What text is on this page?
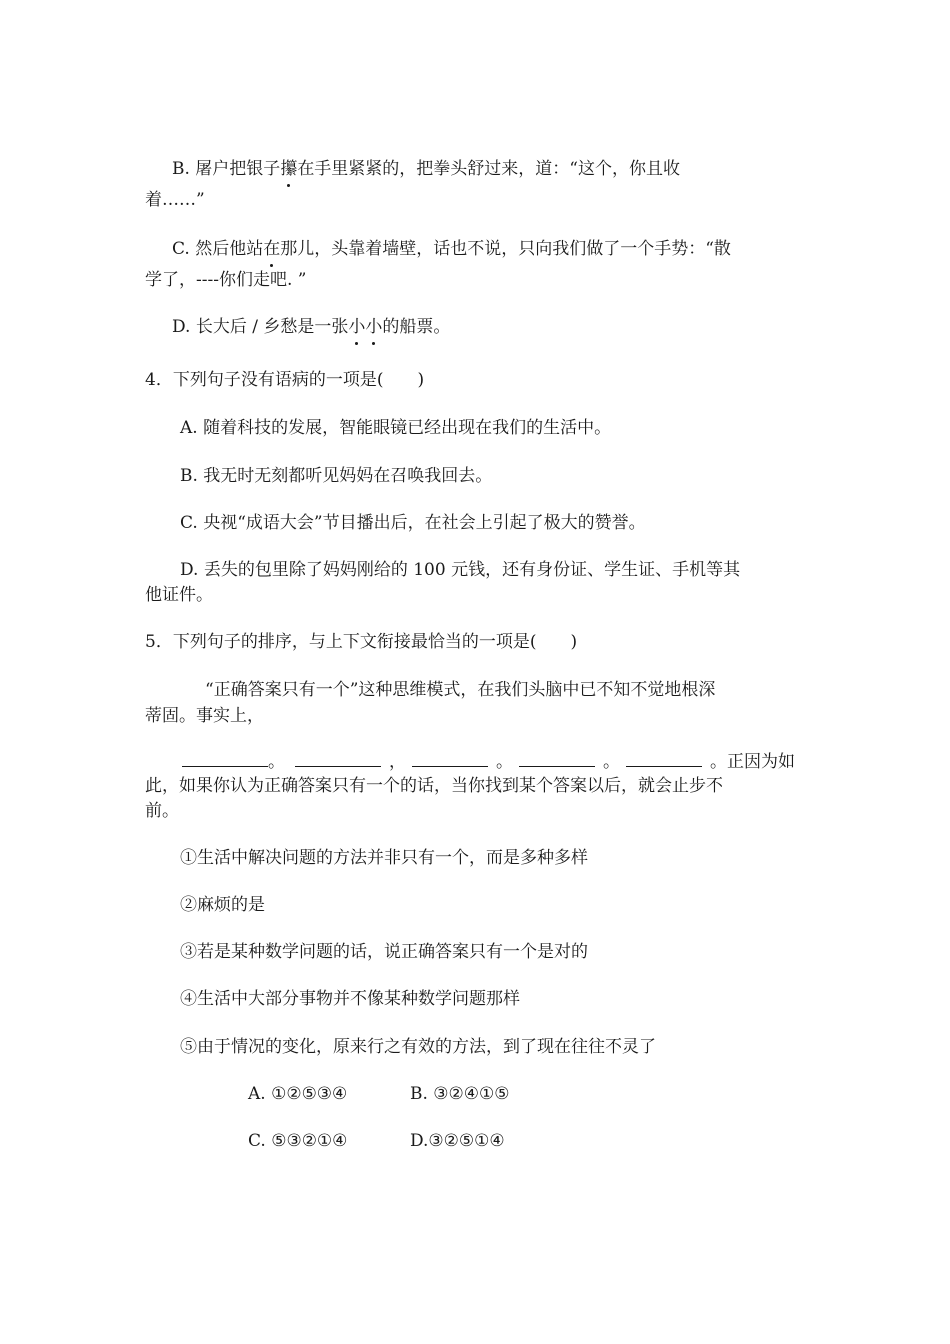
B. 屠户把银子攥在手里紧紧的，把拳头舒过来，道：“这个，你且收
着……”
C. 然后他站在那儿，头靠着墙壁，话也不说，只向我们做了一个手势：“散
学了，----你们走吧. ”
D. 长大后 / 乡愁是一张小小的船票。
4．下列句子没有语病的一项是(　　)
A. 随着科技的发展，智能眼镜已经出现在我们的生活中。
B. 我无时无刻都听见妈妈在召唤我回去。
C. 央视“成语大会”节目播出后，在社会上引起了极大的赞誉。
D. 丢失的包里除了妈妈刚给的 100 元钱，还有身份证、学生证、手机等其
他证件。
5．下列句子的排序，与上下文衔接最恰当的一项是(　　)
“正确答案只有一个”这种思维模式，在我们头脑中已不知不觉地根深
蒂固。事实上，
。	，	。	。	。正因为如
此，如果你认为正确答案只有一个的话，当你找到某个答案以后，就会止步不
前。
①生活中解决问题的方法并非只有一个，而是多种多样
②麻烦的是
③若是某种数学问题的话，说正确答案只有一个是对的
④生活中大部分事物并不像某种数学问题那样
⑤由于情况的变化，原来行之有效的方法，到了现在往往不灵了
A. ①②⑤③④	B. ③②④①⑤
C. ⑤③②①④	D.③②⑤①④
